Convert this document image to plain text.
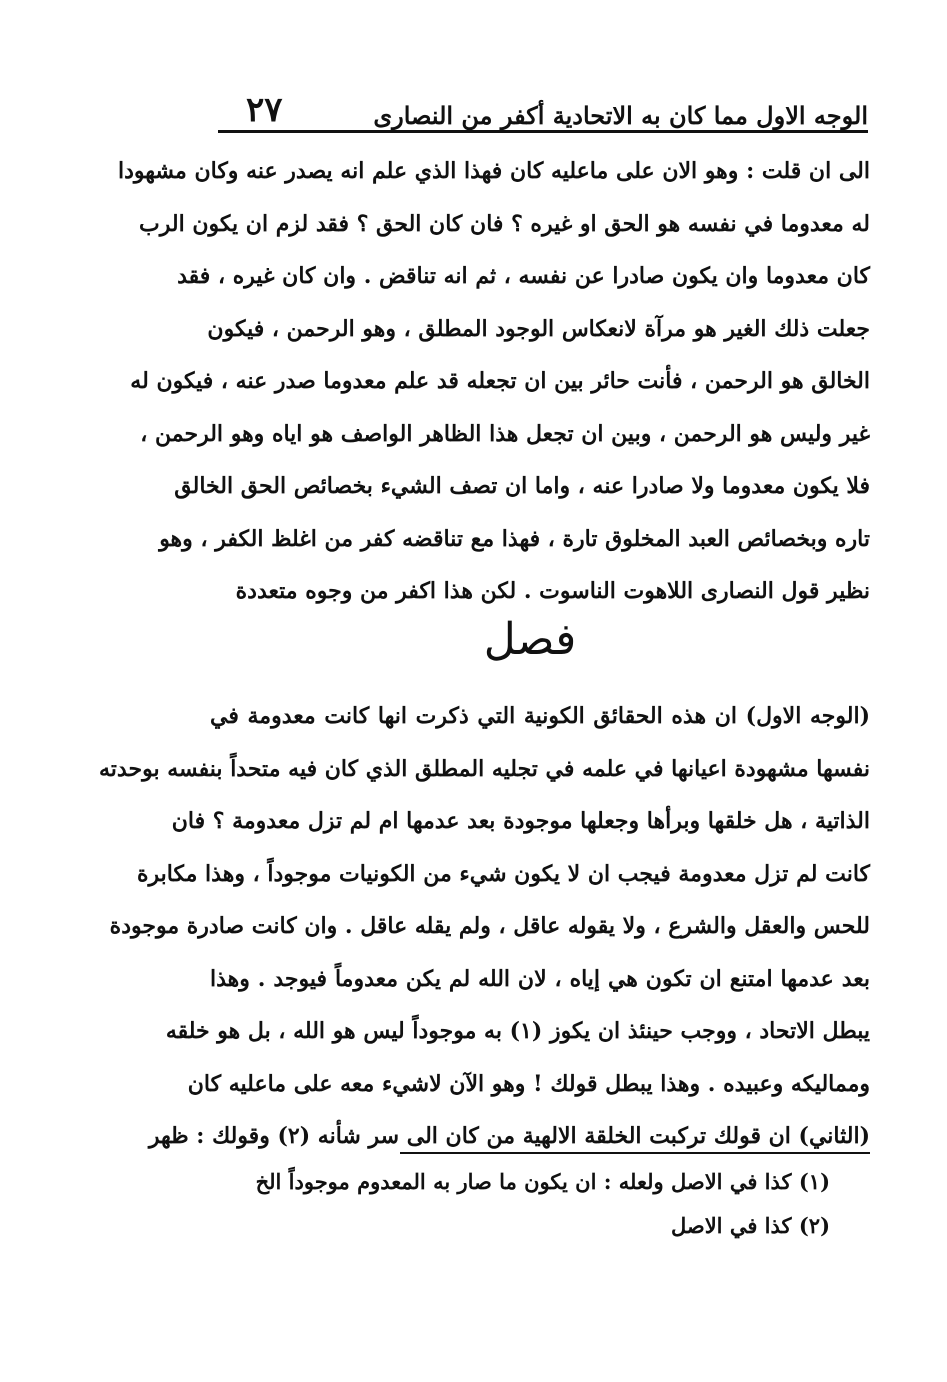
الوجه الاول مما كان به الاتحادية أكفر من النصارى
٢٧
الى ان قلت : وهو الان على ماعليه كان فهذا الذي علم انه يصدر عنه وكان مشهودا
له معدوما في نفسه هو الحق او غيره ؟ فان كان الحق ؟ فقد لزم ان يكون الرب
كان معدوما وان يكون صادرا عن نفسه ، ثم انه تناقض . وان كان غيره ، فقد
جعلت ذلك الغير هو مرآة لانعكاس الوجود المطلق ، وهو الرحمن ، فيكون
الخالق هو الرحمن ، فأنت حائر بين ان تجعله قد علم معدوما صدر عنه ، فيكون له
غير وليس هو الرحمن ، وبين ان تجعل هذا الظاهر الواصف هو اياه وهو الرحمن ،
فلا يكون معدوما ولا صادرا عنه ، واما ان تصف الشيء بخصائص الحق الخالق
تاره وبخصائص العبد المخلوق تارة ، فهذا مع تناقضه كفر من اغلظ الكفر ، وهو
نظير قول النصارى اللاهوت الناسوت . لكن هذا اكفر من وجوه متعددة
فصل
(الوجه الاول) ان هذه الحقائق الكونية التي ذكرت انها كانت معدومة في
نفسها مشهودة اعيانها في علمه في تجليه المطلق الذي كان فيه متحداً بنفسه بوحدته
الذاتية ، هل خلقها وبرأها وجعلها موجودة بعد عدمها ام لم تزل معدومة ؟ فان
كانت لم تزل معدومة فيجب ان لا يكون شيء من الكونيات موجوداً ، وهذا مكابرة
للحس والعقل والشرع ، ولا يقوله عاقل ، ولم يقله عاقل . وان كانت صادرة موجودة
بعد عدمها امتنع ان تكون هي إياه ، لان الله لم يكن معدوماً فيوجد . وهذا
يبطل الاتحاد ، ووجب حينئذ ان يكوز (١) به موجوداً ليس هو الله ، بل هو خلقه
ومماليكه وعبيده . وهذا يبطل قولك ! وهو الآن لاشيء معه على ماعليه كان
(الثاني) ان قولك تركبت الخلقة الالهية من كان الى سر شأنه (٢) وقولك : ظهر
(١) كذا في الاصل ولعله : ان يكون ما صار به المعدوم موجوداً الخ
(٢) كذا في الاصل
